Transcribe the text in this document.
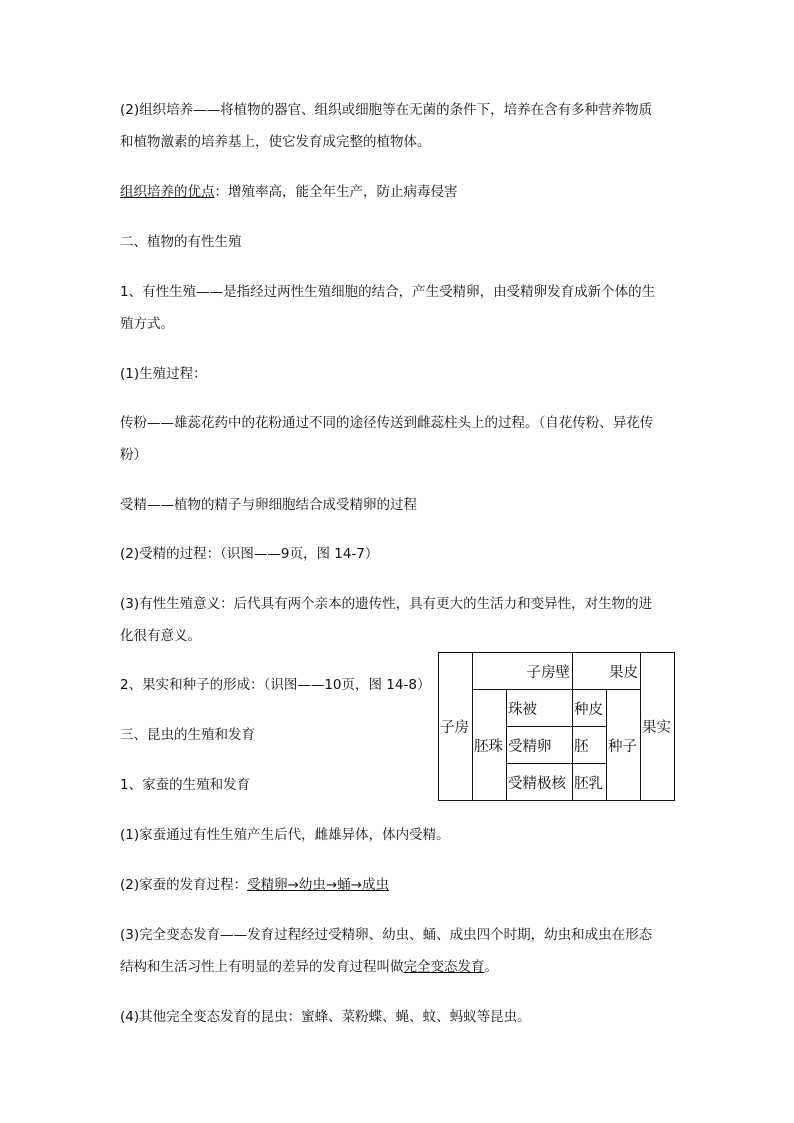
(2)组织培养——将植物的器官、组织或细胞等在无菌的条件下，培养在含有多种营养物质
和植物激素的培养基上，使它发育成完整的植物体。

组织培养的优点：增殖率高，能全年生产，防止病毒侵害

二、植物的有性生殖

1、有性生殖——是指经过两性生殖细胞的结合，产生受精卵，由受精卵发育成新个体的生
殖方式。

(1)生殖过程：

传粉——雄蕊花药中的花粉通过不同的途径传送到雌蕊柱头上的过程。（自花传粉、异花传
粉）

受精——植物的精子与卵细胞结合成受精卵的过程

(2)受精的过程：（识图——9页，图 14-7）

(3)有性生殖意义：后代具有两个亲本的遗传性，具有更大的生活力和变异性，对生物的进
化很有意义。

2、果实和种子的形成：（识图——10页，图 14-8）

三、昆虫的生殖和发育

1、家蚕的生殖和发育

(1)家蚕通过有性生殖产生后代，雌雄异体，体内受精。

(2)家蚕的发育过程：受精卵→幼虫→蛹→成虫

(3)完全变态发育——发育过程经过受精卵、幼虫、蛹、成虫四个时期，幼虫和成虫在形态
结构和生活习性上有明显的差异的发育过程叫做完全变态发育。

(4)其他完全变态发育的昆虫：蜜蜂、菜粉蝶、蝇、蚊、蚂蚁等昆虫。

子房	子房壁		果皮		果实
	胚珠	珠被	种皮	种子	
		受精卵	胚		
		受精极核	胚乳		
